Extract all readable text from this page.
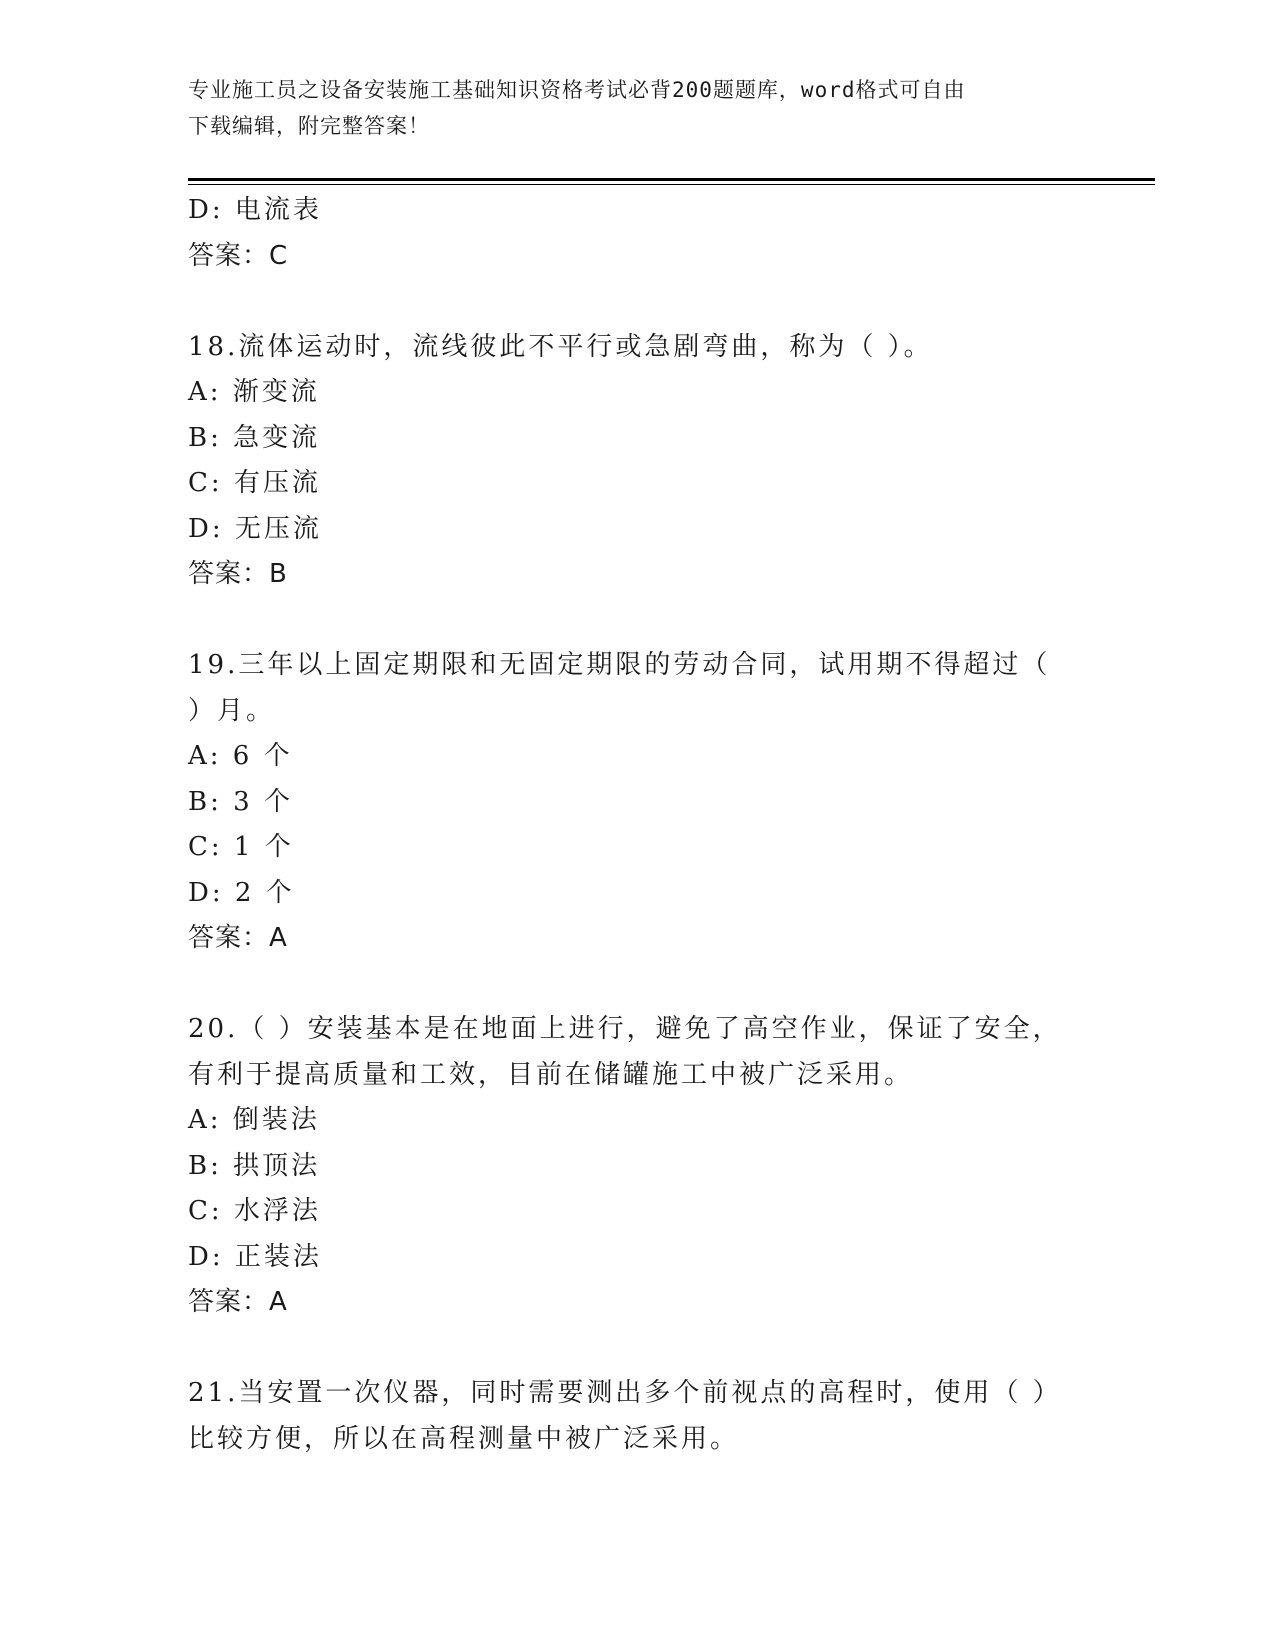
专业施工员之设备安装施工基础知识资格考试必背200题题库，word格式可自由
下载编辑，附完整答案！
D: 电流表
答案：C
18.流体运动时，流线彼此不平行或急剧弯曲，称为（ ）。
A: 渐变流
B: 急变流
C: 有压流
D: 无压流
答案：B
19.三年以上固定期限和无固定期限的劳动合同，试用期不得超过（
）月。
A: 6 个
B: 3 个
C: 1 个
D: 2 个
答案：A
20.（ ）安装基本是在地面上进行，避免了高空作业，保证了安全，
有利于提高质量和工效，目前在储罐施工中被广泛采用。
A: 倒装法
B: 拱顶法
C: 水浮法
D: 正装法
答案：A
21.当安置一次仪器，同时需要测出多个前视点的高程时，使用（ ）
比较方便，所以在高程测量中被广泛采用。
